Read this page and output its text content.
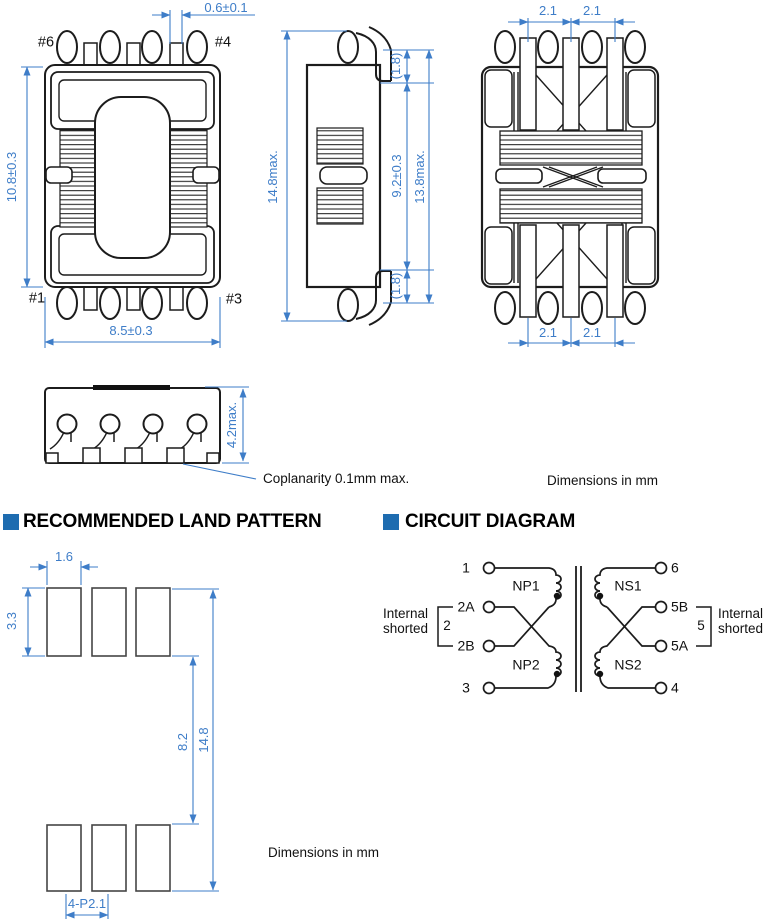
0.6±0.1
#6	#4
#1	#3
10.8±0.3
8.5±0.3
14.8max.
(1.8)
9.2±0.3
(1.8)
13.8max.
2.1 2.1
2.1 2.1
4.2max.
Coplanarity 0.1mm max.	Dimensions in mm
RECOMMENDED LAND PATTERN	CIRCUIT DIAGRAM
1.6
3.3
8.2 14.8
4-P2.1
Dimensions in mm
1
2A
2B
3
6
5B
5A
4
NP1
NP2
NS1
NS2
2	5
Internal
shorted
Internal
shorted
